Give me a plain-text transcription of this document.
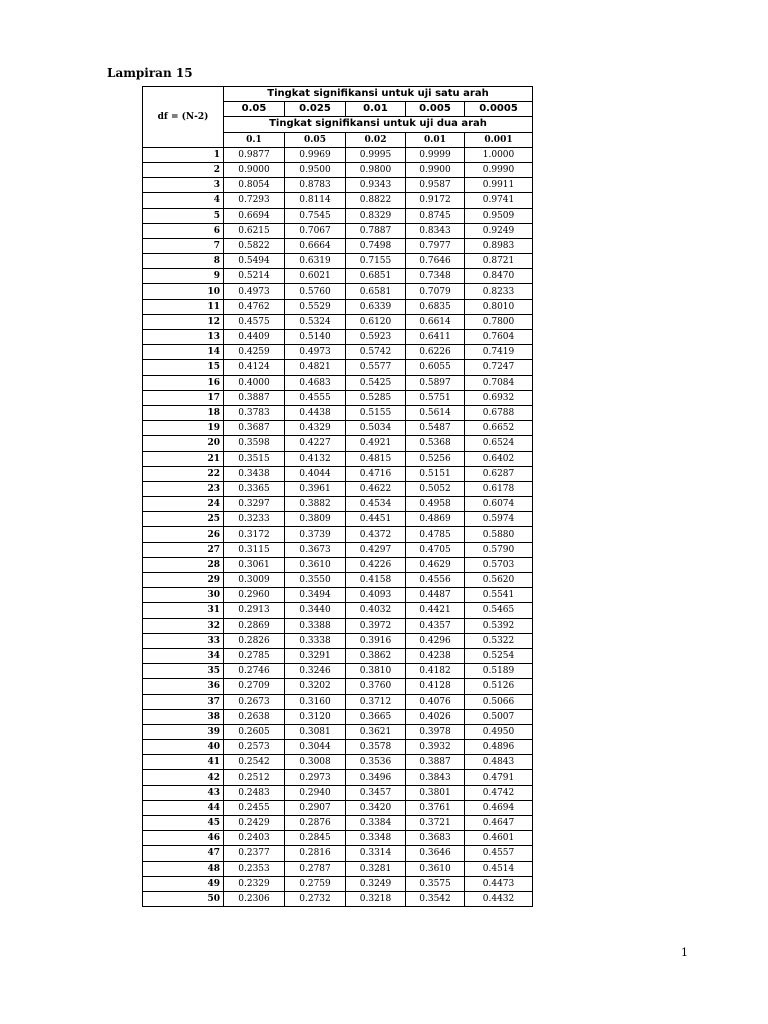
Lampiran 15
df = (N-2)	Tingkat signifikansi untuk uji satu arah				
	0.05	0.025	0.01	0.005	0.0005
	Tingkat signifikansi untuk uji dua arah				
	0.1	0.05	0.02	0.01	0.001
1	0.9877	0.9969	0.9995	0.9999	1.0000
2	0.9000	0.9500	0.9800	0.9900	0.9990
3	0.8054	0.8783	0.9343	0.9587	0.9911
4	0.7293	0.8114	0.8822	0.9172	0.9741
5	0.6694	0.7545	0.8329	0.8745	0.9509
6	0.6215	0.7067	0.7887	0.8343	0.9249
7	0.5822	0.6664	0.7498	0.7977	0.8983
8	0.5494	0.6319	0.7155	0.7646	0.8721
9	0.5214	0.6021	0.6851	0.7348	0.8470
10	0.4973	0.5760	0.6581	0.7079	0.8233
11	0.4762	0.5529	0.6339	0.6835	0.8010
12	0.4575	0.5324	0.6120	0.6614	0.7800
13	0.4409	0.5140	0.5923	0.6411	0.7604
14	0.4259	0.4973	0.5742	0.6226	0.7419
15	0.4124	0.4821	0.5577	0.6055	0.7247
16	0.4000	0.4683	0.5425	0.5897	0.7084
17	0.3887	0.4555	0.5285	0.5751	0.6932
18	0.3783	0.4438	0.5155	0.5614	0.6788
19	0.3687	0.4329	0.5034	0.5487	0.6652
20	0.3598	0.4227	0.4921	0.5368	0.6524
21	0.3515	0.4132	0.4815	0.5256	0.6402
22	0.3438	0.4044	0.4716	0.5151	0.6287
23	0.3365	0.3961	0.4622	0.5052	0.6178
24	0.3297	0.3882	0.4534	0.4958	0.6074
25	0.3233	0.3809	0.4451	0.4869	0.5974
26	0.3172	0.3739	0.4372	0.4785	0.5880
27	0.3115	0.3673	0.4297	0.4705	0.5790
28	0.3061	0.3610	0.4226	0.4629	0.5703
29	0.3009	0.3550	0.4158	0.4556	0.5620
30	0.2960	0.3494	0.4093	0.4487	0.5541
31	0.2913	0.3440	0.4032	0.4421	0.5465
32	0.2869	0.3388	0.3972	0.4357	0.5392
33	0.2826	0.3338	0.3916	0.4296	0.5322
34	0.2785	0.3291	0.3862	0.4238	0.5254
35	0.2746	0.3246	0.3810	0.4182	0.5189
36	0.2709	0.3202	0.3760	0.4128	0.5126
37	0.2673	0.3160	0.3712	0.4076	0.5066
38	0.2638	0.3120	0.3665	0.4026	0.5007
39	0.2605	0.3081	0.3621	0.3978	0.4950
40	0.2573	0.3044	0.3578	0.3932	0.4896
41	0.2542	0.3008	0.3536	0.3887	0.4843
42	0.2512	0.2973	0.3496	0.3843	0.4791
43	0.2483	0.2940	0.3457	0.3801	0.4742
44	0.2455	0.2907	0.3420	0.3761	0.4694
45	0.2429	0.2876	0.3384	0.3721	0.4647
46	0.2403	0.2845	0.3348	0.3683	0.4601
47	0.2377	0.2816	0.3314	0.3646	0.4557
48	0.2353	0.2787	0.3281	0.3610	0.4514
49	0.2329	0.2759	0.3249	0.3575	0.4473
50	0.2306	0.2732	0.3218	0.3542	0.4432
1
